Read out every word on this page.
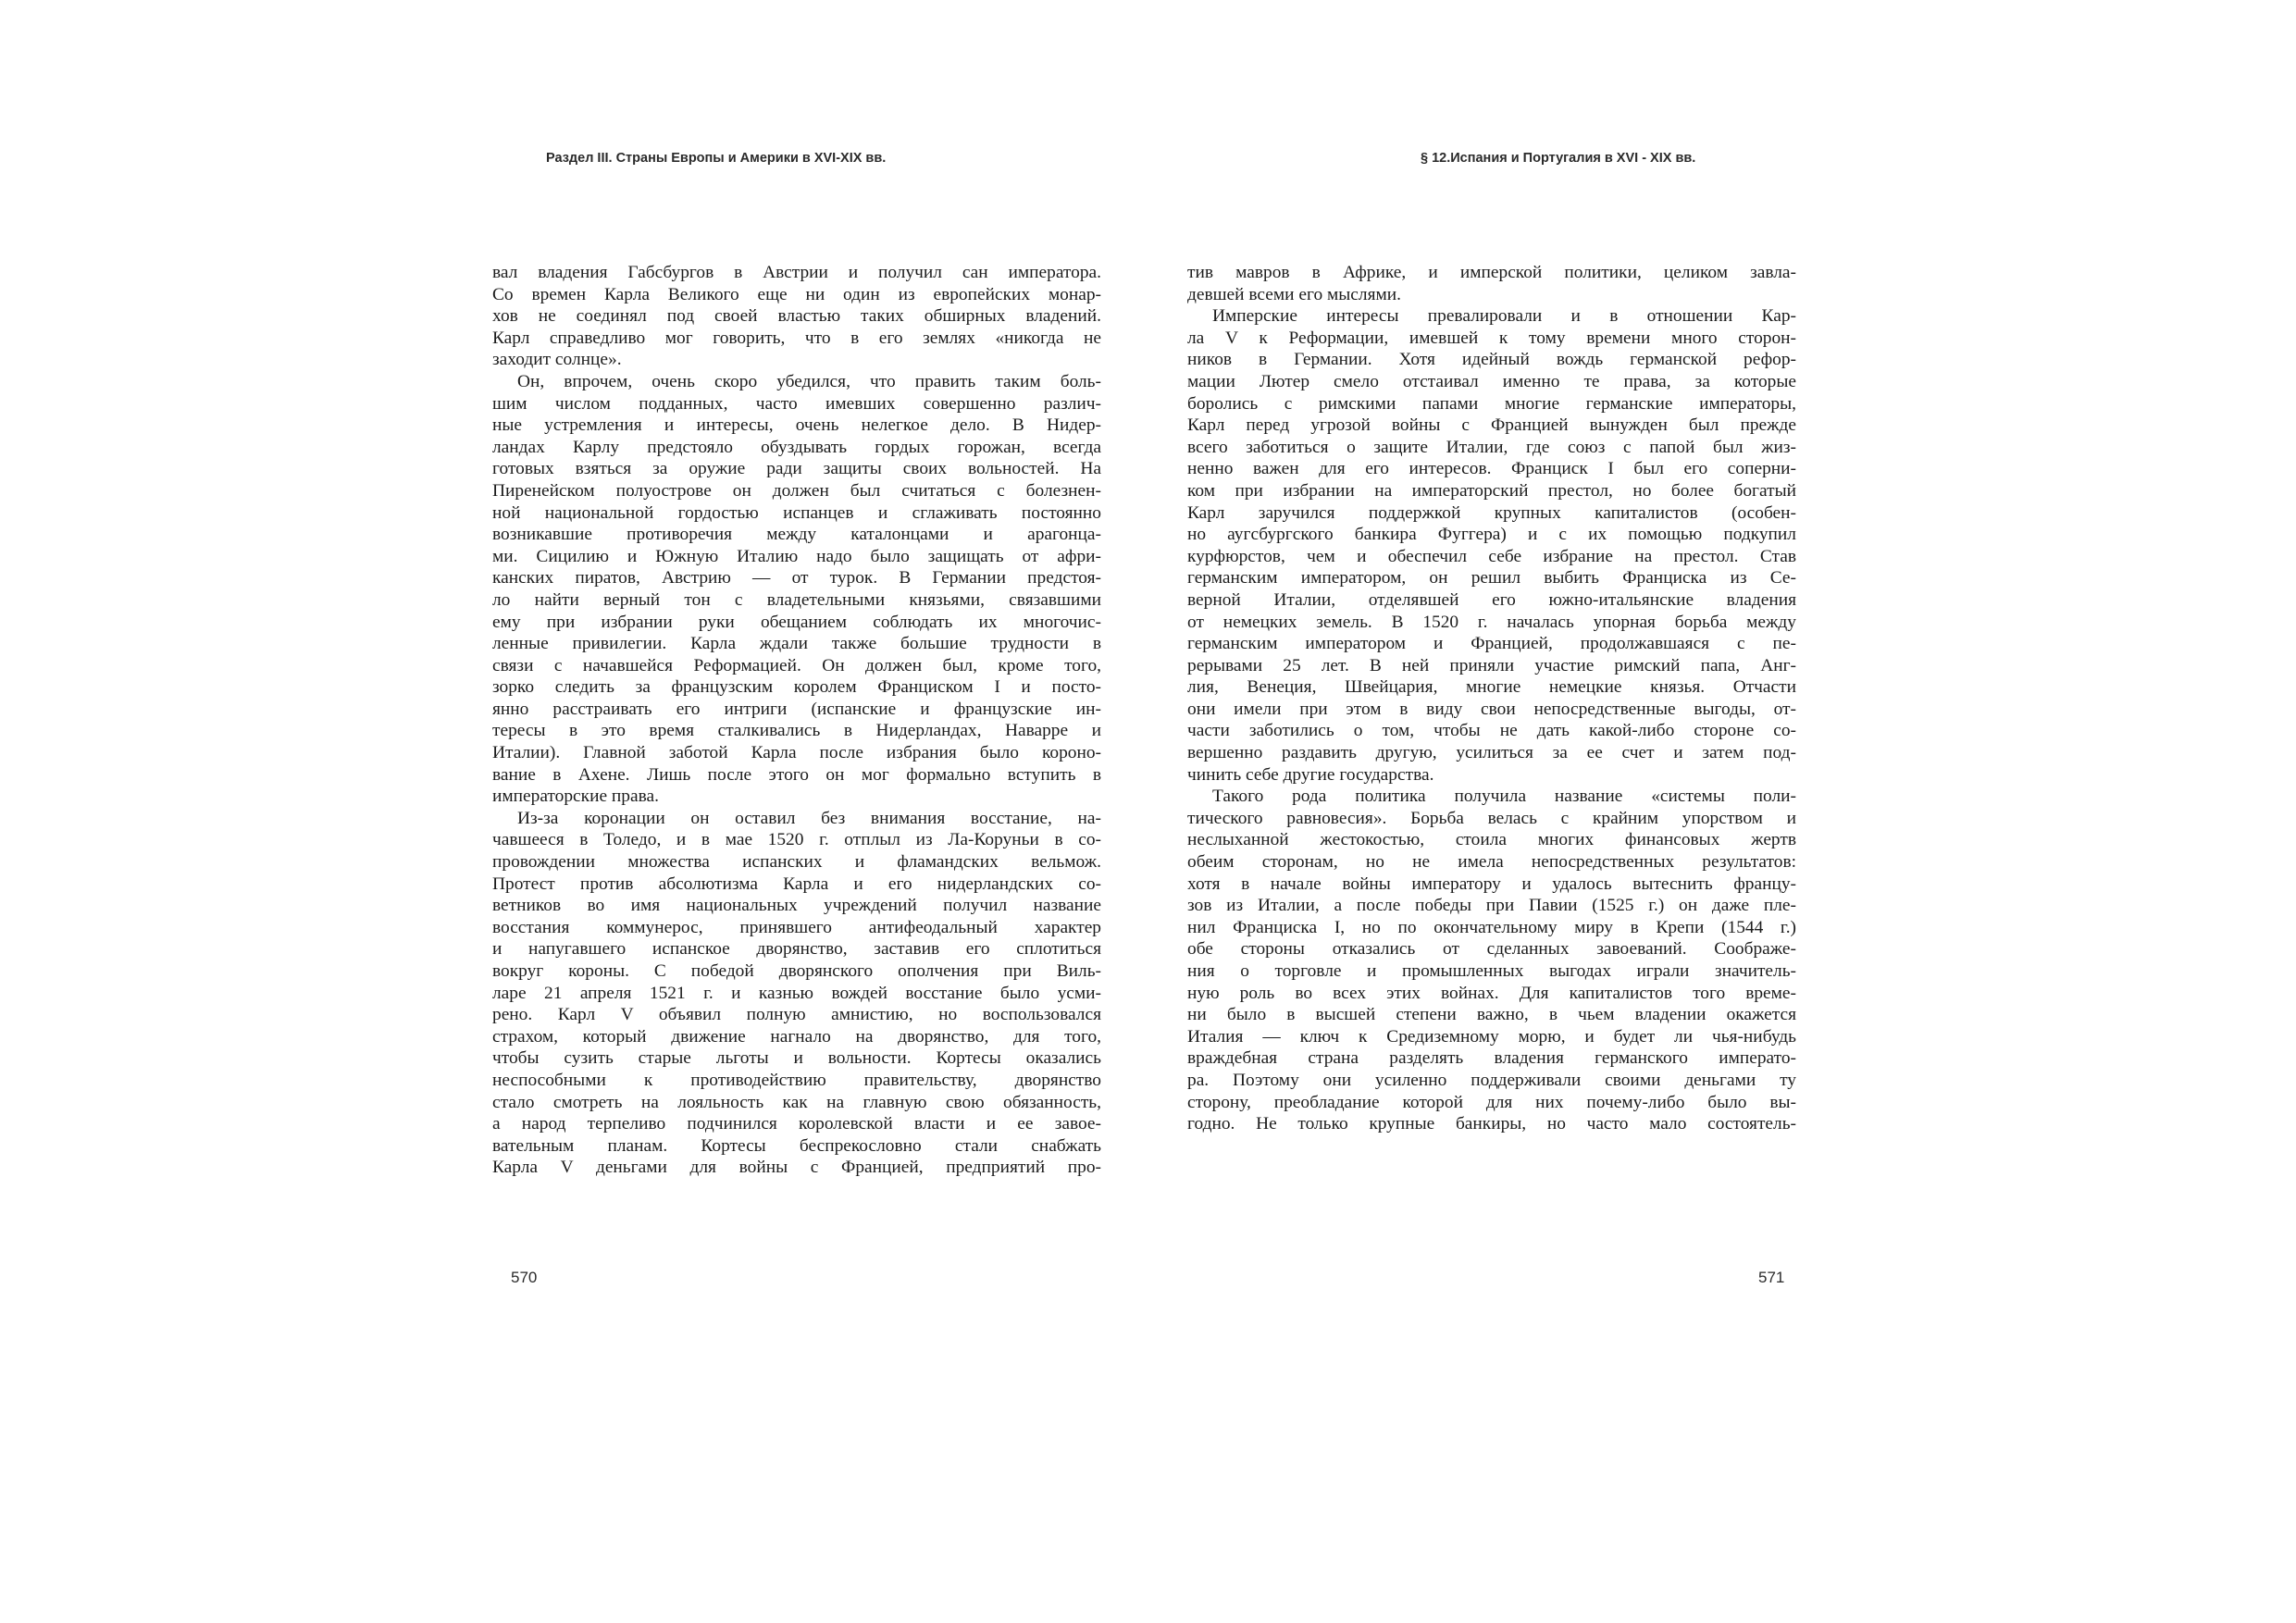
Раздел III. Страны Европы и Америки в XVI-XIX вв.	§ 12.Испания и Португалия в XVI - XIX вв.

вал владения Габсбургов в Австрии и получил сан императора.

Со времен Карла Великого еще ни один из европейских монар-

хов не соединял под своей властью таких обширных владений.

Карл справедливо мог говорить, что в его землях «никогда не

заходит солнце».

Он, впрочем, очень скоро убедился, что править таким боль-

шим числом подданных, часто имевших совершенно различ-

ные устремления и интересы, очень нелегкое дело. В Нидер-

ландах Карлу предстояло обуздывать гордых горожан, всегда

готовых взяться за оружие ради защиты своих вольностей. На

Пиренейском полуострове он должен был считаться с болезнен-

ной национальной гордостью испанцев и сглаживать постоянно

возникавшие противоречия между каталонцами и арагонца-

ми. Сицилию и Южную Италию надо было защищать от афри-

канских пиратов, Австрию — от турок. В Германии предстоя-

ло найти верный тон с владетельными князьями, связавшими

ему при избрании руки обещанием соблюдать их многочис-

ленные привилегии. Карла ждали также большие трудности в

связи с начавшейся Реформацией. Он должен был, кроме того,

зорко следить за французским королем Франциском I и посто-

янно расстраивать его интриги (испанские и французские ин-

тересы в это время сталкивались в Нидерландах, Наварре и

Италии). Главной заботой Карла после избрания было короно-

вание в Ахене. Лишь после этого он мог формально вступить в

императорские права.

Из-за коронации он оставил без внимания восстание, на-

чавшееся в Толедо, и в мае 1520 г. отплыл из Ла-Коруньи в со-

провождении множества испанских и фламандских вельмож.

Протест против абсолютизма Карла и его нидерландских со-

ветников во имя национальных учреждений получил название

восстания коммунерос, принявшего антифеодальный характер

и напугавшего испанское дворянство, заставив его сплотиться

вокруг короны. С победой дворянского ополчения при Виль-

ларе 21 апреля 1521 г. и казнью вождей восстание было усми-

рено. Карл V объявил полную амнистию, но воспользовался

страхом, который движение нагнало на дворянство, для того,

чтобы сузить старые льготы и вольности. Кортесы оказались

неспособными к противодействию правительству, дворянство

стало смотреть на лояльность как на главную свою обязанность,

а народ терпеливо подчинился королевской власти и ее завое-

вательным планам. Кортесы беспрекословно стали снабжать

Карла V деньгами для войны с Францией, предприятий про-

тив мавров в Африке, и имперской политики, целиком завла-

девшей всеми его мыслями.

Имперские интересы превалировали и в отношении Кар-

ла V к Реформации, имевшей к тому времени много сторон-

ников в Германии. Хотя идейный вождь германской рефор-

мации Лютер смело отстаивал именно те права, за которые

боролись с римскими папами многие германские императоры,

Карл перед угрозой войны с Францией вынужден был прежде

всего заботиться о защите Италии, где союз с папой был жиз-

ненно важен для его интересов. Франциск I был его соперни-

ком при избрании на императорский престол, но более богатый

Карл заручился поддержкой крупных капиталистов (особен-

но аугсбургского банкира Фуггера) и с их помощью подкупил

курфюрстов, чем и обеспечил себе избрание на престол. Став

германским императором, он решил выбить Франциска из Се-

верной Италии, отделявшей его южно-итальянские владения

от немецких земель. В 1520 г. началась упорная борьба между

германским императором и Францией, продолжавшаяся с пе-

рерывами 25 лет. В ней приняли участие римский папа, Анг-

лия, Венеция, Швейцария, многие немецкие князья. Отчасти

они имели при этом в виду свои непосредственные выгоды, от-

части заботились о том, чтобы не дать какой-либо стороне со-

вершенно раздавить другую, усилиться за ее счет и затем под-

чинить себе другие государства.

Такого рода политика получила название «системы поли-

тического равновесия». Борьба велась с крайним упорством и

неслыханной жестокостью, стоила многих финансовых жертв

обеим сторонам, но не имела непосредственных результатов:

хотя в начале войны императору и удалось вытеснить францу-

зов из Италии, а после победы при Павии (1525 г.) он даже пле-

нил Франциска I, но по окончательному миру в Крепи (1544 г.)

обе стороны отказались от сделанных завоеваний. Соображе-

ния о торговле и промышленных выгодах играли значитель-

ную роль во всех этих войнах. Для капиталистов того време-

ни было в высшей степени важно, в чьем владении окажется

Италия — ключ к Средиземному морю, и будет ли чья-нибудь

враждебная страна разделять владения германского императо-

ра. Поэтому они усиленно поддерживали своими деньгами ту

сторону, преобладание которой для них почему-либо было вы-

годно. Не только крупные банкиры, но часто мало состоятель-

570	571
